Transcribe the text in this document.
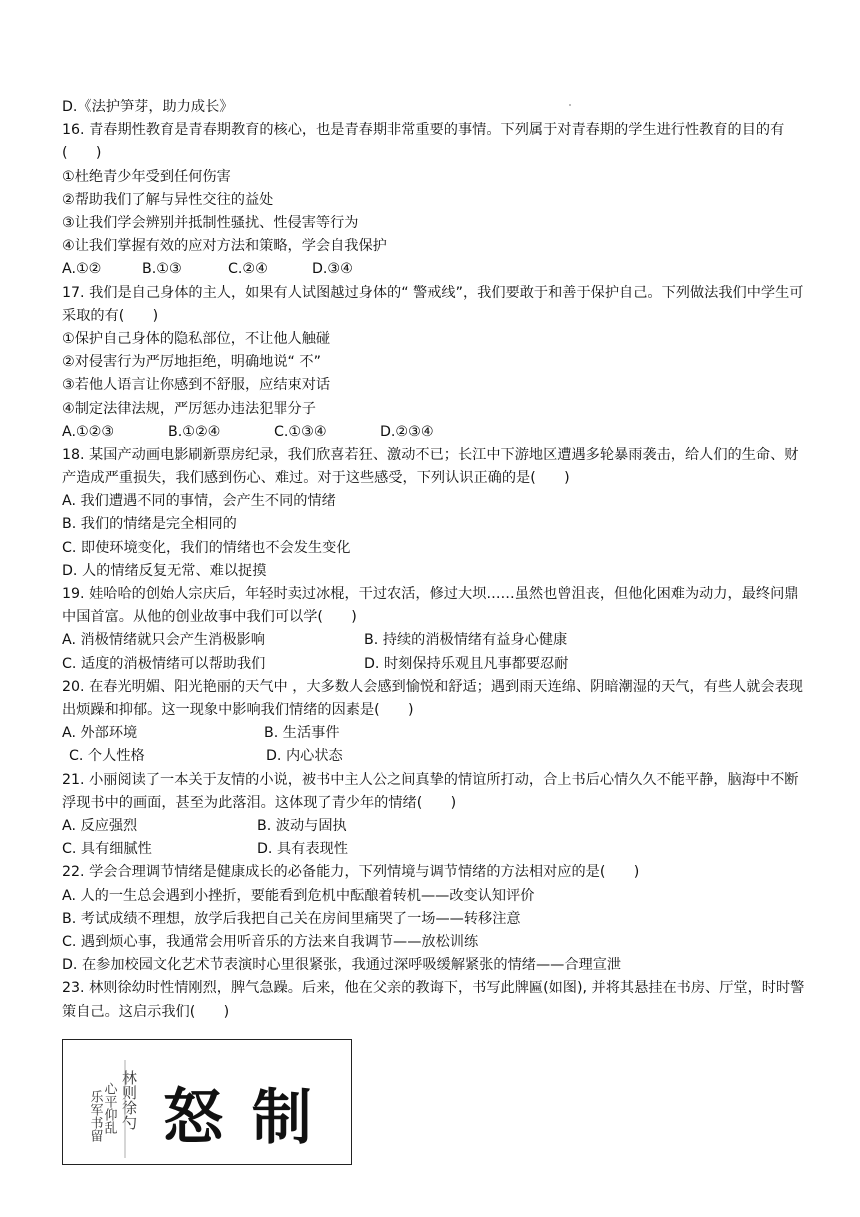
D.《法护笋芽，助力成长》
16. 青春期性教育是青春期教育的核心，也是青春期非常重要的事情。下列属于对青春期的学生进行性教育的目的有(　　)
①杜绝青少年受到任何伤害
②帮助我们了解与异性交往的益处
③让我们学会辨别并抵制性骚扰、性侵害等行为
④让我们掌握有效的应对方法和策略，学会自我保护
A.①②	B.①③	C.②④	D.③④
17. 我们是自己身体的主人，如果有人试图越过身体的“ 警戒线”，我们要敢于和善于保护自己。下列做法我们中学生可采取的有(　　)
①保护自己身体的隐私部位，不让他人触碰
②对侵害行为严厉地拒绝，明确地说“ 不”
③若他人语言让你感到不舒服，应结束对话
④制定法律法规，严厉惩办违法犯罪分子
A.①②③	B.①②④	C.①③④	D.②③④
18. 某国产动画电影刷新票房纪录，我们欣喜若狂、激动不已；长江中下游地区遭遇多轮暴雨袭击，给人们的生命、财产造成严重损失，我们感到伤心、难过。对于这些感受，下列认识正确的是(　　)
A. 我们遭遇不同的事情，会产生不同的情绪
B. 我们的情绪是完全相同的
C. 即使环境变化，我们的情绪也不会发生变化
D. 人的情绪反复无常、难以捉摸
19. 娃哈哈的创始人宗庆后，年轻时卖过冰棍，干过农活，修过大坝……虽然也曾沮丧，但他化困难为动力，最终问鼎中国首富。从他的创业故事中我们可以学(　　)
A. 消极情绪就只会产生消极影响	B. 持续的消极情绪有益身心健康
C. 适度的消极情绪可以帮助我们	D. 时刻保持乐观且凡事都要忍耐
20. 在春光明媚、阳光艳丽的天气中 ，大多数人会感到愉悦和舒适；遇到雨天连绵、阴暗潮湿的天气，有些人就会表现出烦躁和抑郁。这一现象中影响我们情绪的因素是(　　)
A. 外部环境	B. 生活事件
C. 个人性格	D. 内心状态
21. 小丽阅读了一本关于友情的小说，被书中主人公之间真挚的情谊所打动，合上书后心情久久不能平静，脑海中不断浮现书中的画面，甚至为此落泪。这体现了青少年的情绪(　　)
A. 反应强烈	B. 波动与固执
C. 具有细腻性	D. 具有表现性
22. 学会合理调节情绪是健康成长的必备能力，下列情境与调节情绪的方法相对应的是(　　)
A. 人的一生总会遇到小挫折，要能看到危机中酝酿着转机——改变认知评价
B. 考试成绩不理想，放学后我把自己关在房间里痛哭了一场——转移注意
C. 遇到烦心事，我通常会用听音乐的方法来自我调节——放松训练
D. 在参加校园文化艺术节表演时心里很紧张，我通过深呼吸缓解紧张的情绪——合理宣泄
23. 林则徐幼时性情刚烈，脾气急躁。后来，他在父亲的教诲下，书写此牌匾(如图), 并将其悬挂在书房、厅堂，时时警策自己。这启示我们(　　)
林则徐勺
心平仰乱
乐军书留 怒 制
